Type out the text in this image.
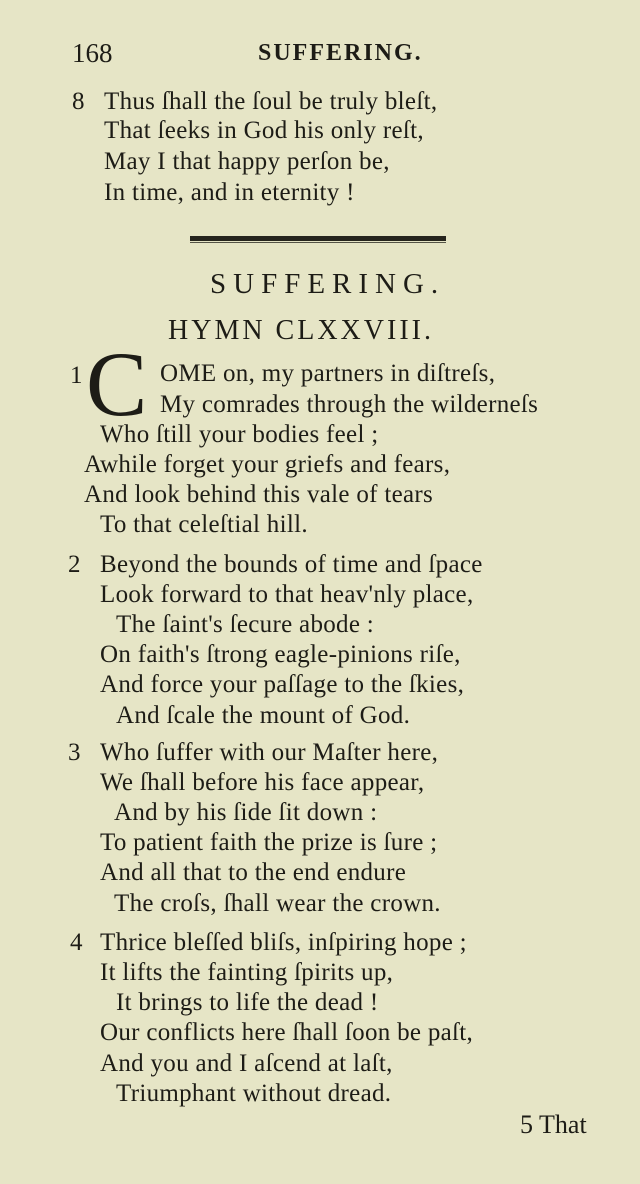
168	SUFFERING.
8 Thus ſhall the ſoul be truly bleſt,
That ſeeks in God his only reſt,
May I that happy perſon be,
In time, and in eternity !
SUFFERING.
HYMN CLXXVIII.
1 C OME on, my partners in diſtreſs,
My comrades through the wilderneſs
Who ſtill your bodies feel ;
Awhile forget your griefs and fears,
And look behind this vale of tears
To that celeſtial hill.
2 Beyond the bounds of time and ſpace
Look forward to that heav'nly place,
The ſaint's ſecure abode :
On faith's ſtrong eagle-pinions riſe,
And force your paſſage to the ſkies,
And ſcale the mount of God.
3 Who ſuffer with our Maſter here,
We ſhall before his face appear,
And by his ſide ſit down :
To patient faith the prize is ſure ;
And all that to the end endure
The croſs, ſhall wear the crown.
4 Thrice bleſſed bliſs, inſpiring hope ;
It lifts the fainting ſpirits up,
It brings to life the dead !
Our conflicts here ſhall ſoon be paſt,
And you and I aſcend at laſt,
Triumphant without dread.
5 That
